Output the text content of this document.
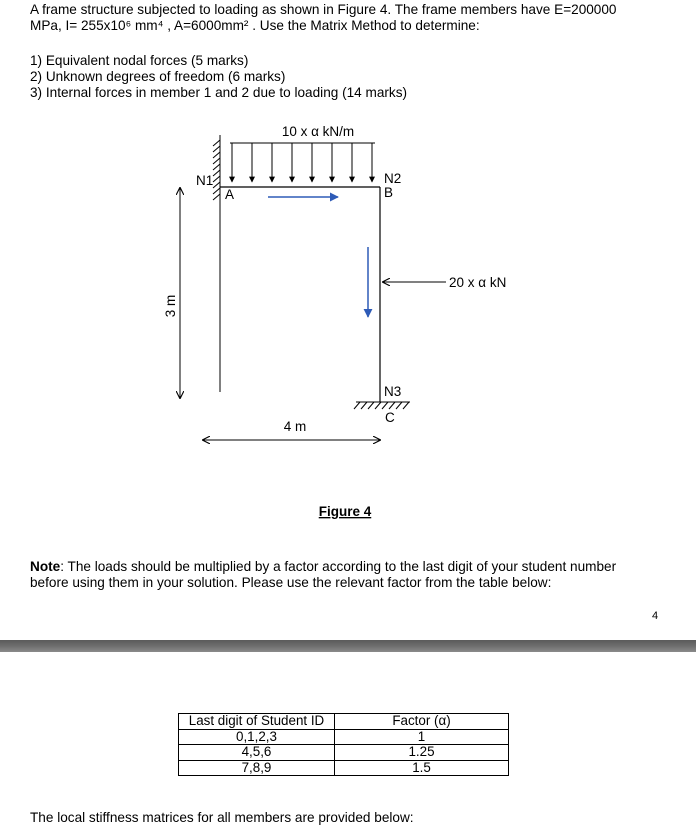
A frame structure subjected to loading as shown in Figure 4. The frame members have E=200000
MPa, I= 255x10⁶ mm⁴ , A=6000mm² . Use the Matrix Method to determine:
1) Equivalent nodal forces (5 marks)
2) Unknown degrees of freedom (6 marks)
3) Internal forces in member 1 and 2 due to loading (14 marks)
10 x α kN/m
20 x α kN
N1
A
N2
B
N3
C
4 m
3 m
Figure 4
Note: The loads should be multiplied by a factor according to the last digit of your student number
before using them in your solution. Please use the relevant factor from the table below:
4
Last digit of Student ID	Factor (α)
0,1,2,3	1
4,5,6	1.25
7,8,9	1.5
The local stiffness matrices for all members are provided below:
